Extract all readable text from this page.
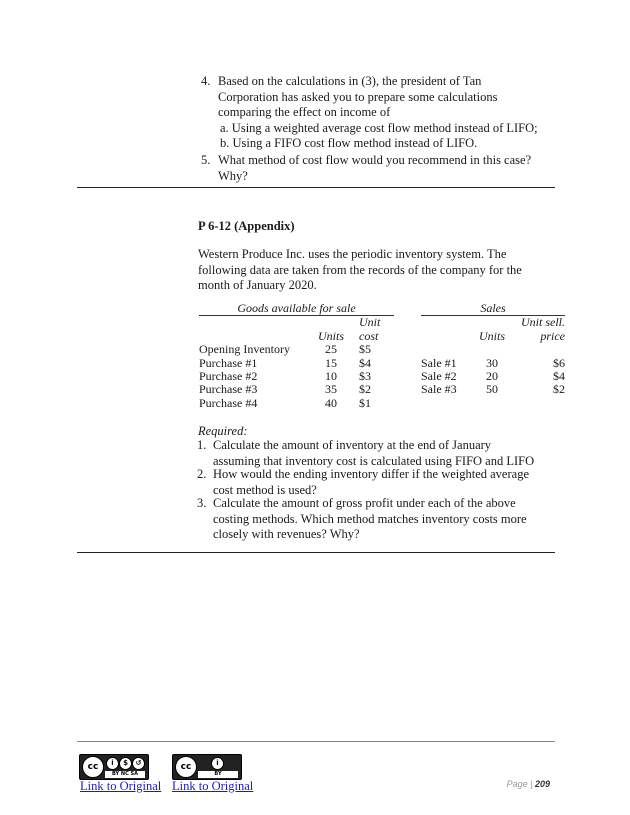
4. Based on the calculations in (3), the president of Tan
Corporation has asked you to prepare some calculations
comparing the effect on income of
a. Using a weighted average cost flow method instead of LIFO;
b. Using a FIFO cost flow method instead of LIFO.
5. What method of cost flow would you recommend in this case?
Why?
P 6-12 (Appendix)
Western Produce Inc. uses the periodic inventory system. The
following data are taken from the records of the company for the
month of January 2020.
Goods available for sale				Sales		
		Unit				Unit sell.
	Units	cost			Units	price
Opening Inventory	25	$5				
Purchase #1	15	$4		Sale #1	30	$6
Purchase #2	10	$3		Sale #2	20	$4
Purchase #3	35	$2		Sale #3	50	$2
Purchase #4	40	$1				
Required:
1. Calculate the amount of inventory at the end of January
assuming that inventory cost is calculated using FIFO and LIFO
2. How would the ending inventory differ if the weighted average
cost method is used?
3. Calculate the amount of gross profit under each of the above
costing methods. Which method matches inventory costs more
closely with revenues? Why?
cc	i	$	↺
BY NC SA
cc	i
BY
Link to Original Link to Original	Page | 209
